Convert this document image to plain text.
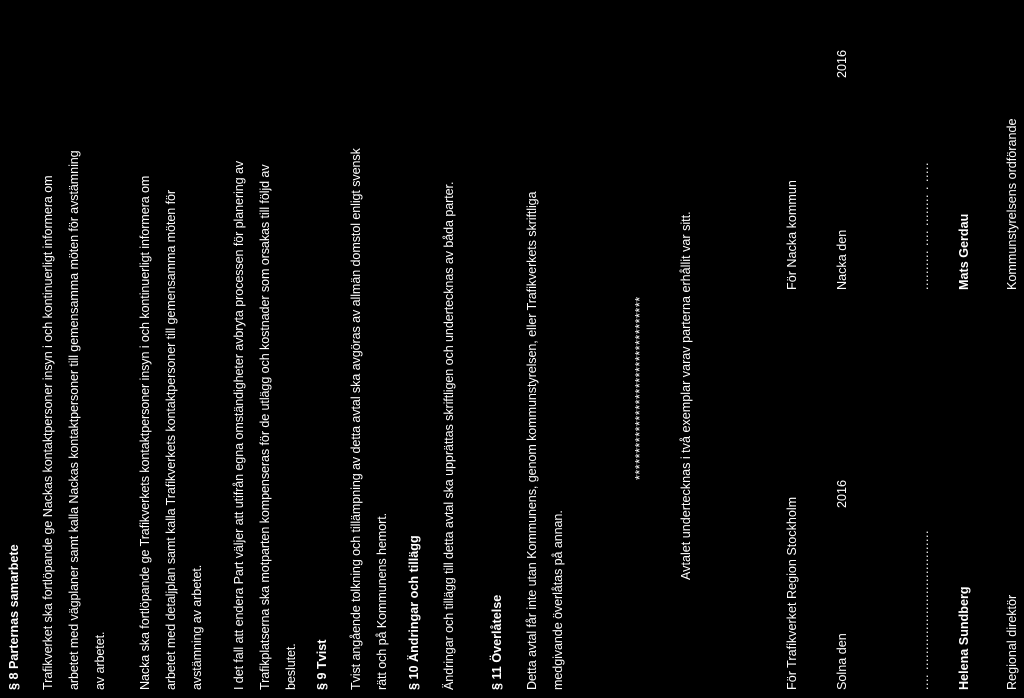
§ 8 Parternas samarbete Trafikverket ska fortlöpande ge Nackas kontaktpersoner insyn i och kontinuerligt informera om arbetet med vägplaner samt kalla Nackas kontaktpersoner till gemensamma möten för avstämning av arbetet. Nacka ska fortlöpande ge Trafikverkets kontaktpersoner insyn i och kontinuerligt informera om arbetet med detaljplan samt kalla Trafikverkets kontaktpersoner till gemensamma möten för avstämning av arbetet. I det fall att endera Part väljer att utifrån egna omständigheter avbryta processen för planering av Trafikplatserna ska motparten kompenseras för de utlägg och kostnader som orsakas till följd av beslutet. § 9 Tvist Tvist angående tolkning och tillämpning av detta avtal ska avgöras av allmän domstol enligt svensk rätt och på Kommunens hemort. § 10 Ändringar och tillägg Ändringar och tillägg till detta avtal ska upprättas skriftligen och undertecknas av båda parter.	§ 11 Överlåtelse Detta avtal får inte utan Kommunens, genom kommunstyrelsen, eller Trafikverkets skriftliga medgivande överlåtas på annan.
**********************************	Avtalet undertecknas i två exemplar varav parterna erhållit var sitt.
För Trafikverket Region Stockholm	Solna den
2016
.... ................................... Helena Sundberg	Regional direktör
För Nacka kommun	Nacka den
2016
.......... .... ........ . ..... Mats Gerdau	Kommunstyrelsens ordförande
